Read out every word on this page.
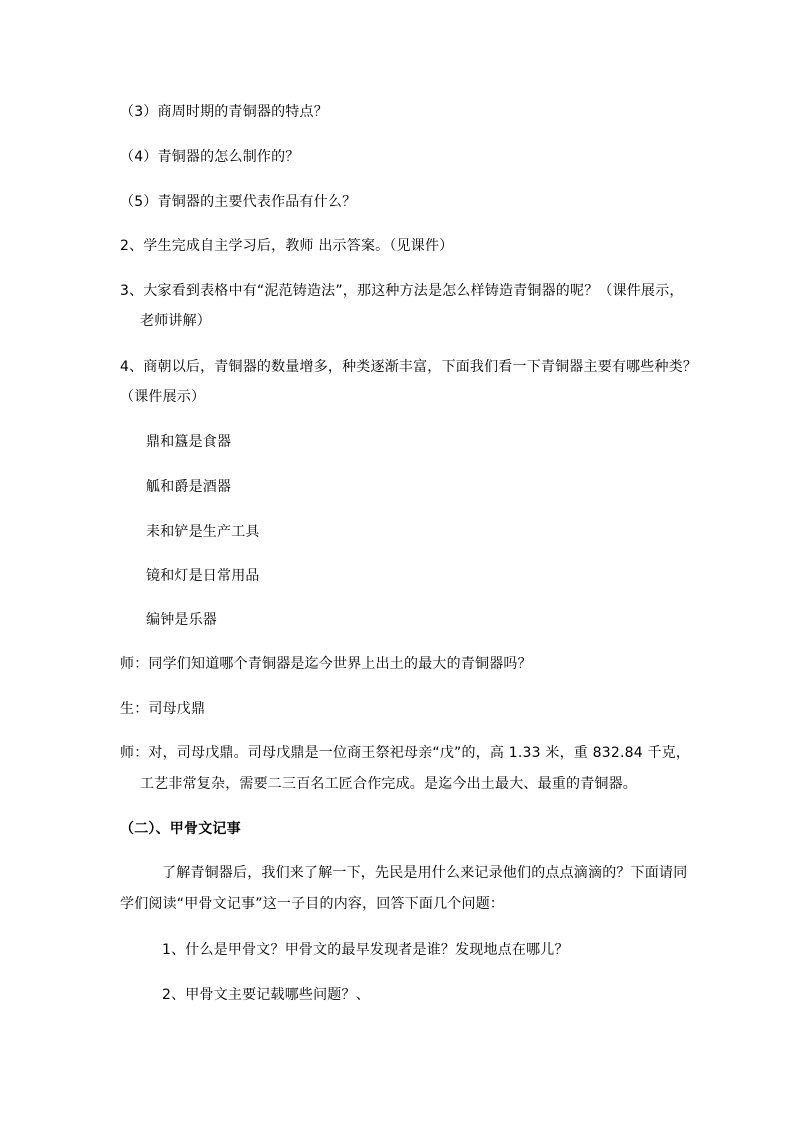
（3）商周时期的青铜器的特点？
（4）青铜器的怎么制作的？
（5）青铜器的主要代表作品有什么？
2、学生完成自主学习后，教师 出示答案。（见课件）
3、大家看到表格中有“泥范铸造法”，那这种方法是怎么样铸造青铜器的呢？（课件展示，
老师讲解）
4、商朝以后，青铜器的数量增多，种类逐渐丰富，下面我们看一下青铜器主要有哪些种类？
（课件展示）
鼎和簋是食器
觚和爵是酒器
耒和铲是生产工具
镜和灯是日常用品
编钟是乐器
师：同学们知道哪个青铜器是迄今世界上出土的最大的青铜器吗？
生：司母戊鼎
师：对，司母戊鼎。司母戊鼎是一位商王祭祀母亲“戊”的，高 1.33 米，重 832.84 千克，
工艺非常复杂，需要二三百名工匠合作完成。是迄今出土最大、最重的青铜器。
（二）、甲骨文记事
了解青铜器后，我们来了解一下，先民是用什么来记录他们的点点滴滴的？下面请同
学们阅读“甲骨文记事”这一子目的内容，回答下面几个问题：
1、什么是甲骨文？甲骨文的最早发现者是谁？发现地点在哪儿？
2、甲骨文主要记载哪些问题？、
